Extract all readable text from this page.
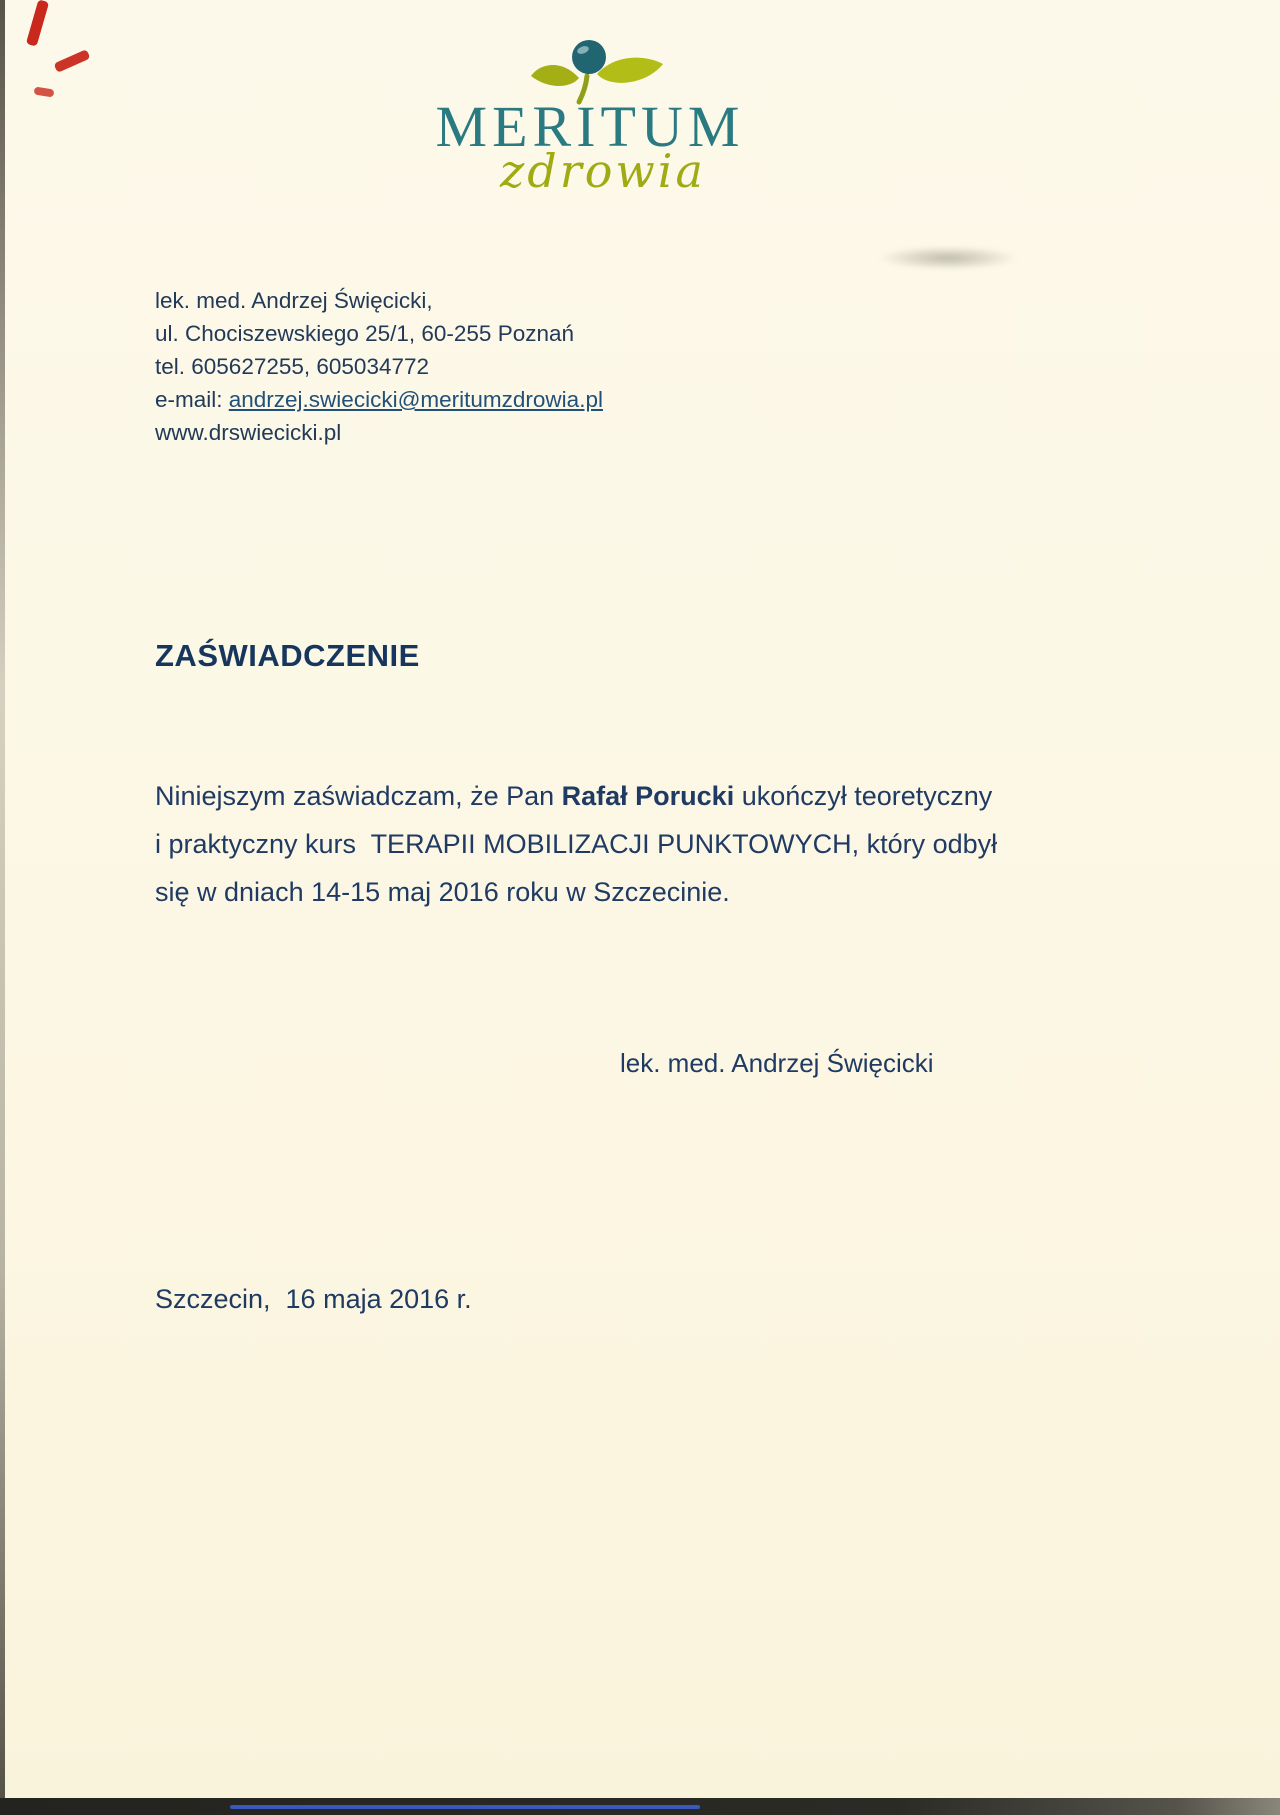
MERITUM
zdrowia
lek. med. Andrzej Święcicki,
ul. Chociszewskiego 25/1, 60-255 Poznań
tel. 605627255, 605034772
e-mail: andrzej.swiecicki@meritumzdrowia.pl
www.drswiecicki.pl
ZAŚWIADCZENIE
Niniejszym zaświadczam, że Pan Rafał Porucki ukończył teoretyczny i praktyczny kurs  TERAPII MOBILIZACJI PUNKTOWYCH, który odbył się w dniach 14-15 maj 2016 roku w Szczecinie.
lek. med. Andrzej Święcicki
Szczecin,  16 maja 2016 r.
